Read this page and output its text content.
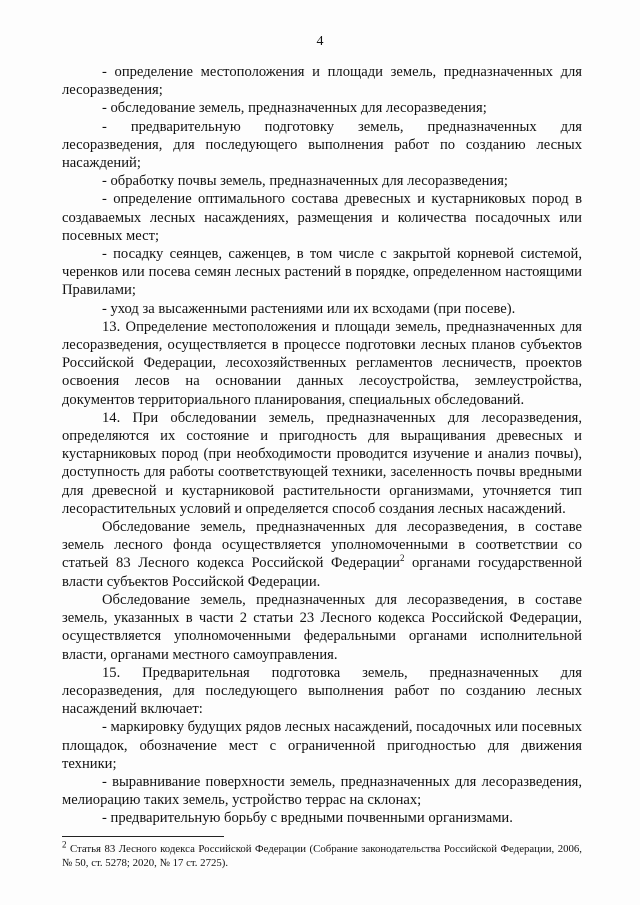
4

- определение местоположения и площади земель, предназначенных для лесоразведения;

- обследование земель, предназначенных для лесоразведения;

- предварительную подготовку земель, предназначенных для лесоразведения, для последующего выполнения работ по созданию лесных насаждений;

- обработку почвы земель, предназначенных для лесоразведения;

- определение оптимального состава древесных и кустарниковых пород в создаваемых лесных насаждениях, размещения и количества посадочных или посевных мест;

- посадку сеянцев, саженцев, в том числе с закрытой корневой системой, черенков или посева семян лесных растений в порядке, определенном настоящими Правилами;

- уход за высаженными растениями или их всходами (при посеве).

13. Определение местоположения и площади земель, предназначенных для лесоразведения, осуществляется в процессе подготовки лесных планов субъектов Российской Федерации, лесохозяйственных регламентов лесничеств, проектов освоения лесов на основании данных лесоустройства, землеустройства, документов территориального планирования, специальных обследований.

14. При обследовании земель, предназначенных для лесоразведения, определяются их состояние и пригодность для выращивания древесных и кустарниковых пород (при необходимости проводится изучение и анализ почвы), доступность для работы соответствующей техники, заселенность почвы вредными для древесной и кустарниковой растительности организмами, уточняется тип лесорастительных условий и определяется способ создания лесных насаждений.

Обследование земель, предназначенных для лесоразведения, в составе земель лесного фонда осуществляется уполномоченными в соответствии со статьей 83 Лесного кодекса Российской Федерации$^2$ органами государственной власти субъектов Российской Федерации.

Обследование земель, предназначенных для лесоразведения, в составе земель, указанных в части 2 статьи 23 Лесного кодекса Российской Федерации, осуществляется уполномоченными федеральными органами исполнительной власти, органами местного самоуправления.

15. Предварительная подготовка земель, предназначенных для лесоразведения, для последующего выполнения работ по созданию лесных насаждений включает:

- маркировку будущих рядов лесных насаждений, посадочных или посевных площадок, обозначение мест с ограниченной пригодностью для движения техники;

- выравнивание поверхности земель, предназначенных для лесоразведения, мелиорацию таких земель, устройство террас на склонах;

- предварительную борьбу с вредными почвенными организмами.

$^2$ Статья 83 Лесного кодекса Российской Федерации (Собрание законодательства Российской Федерации, 2006, № 50, ст. 5278; 2020, № 17 ст. 2725).
